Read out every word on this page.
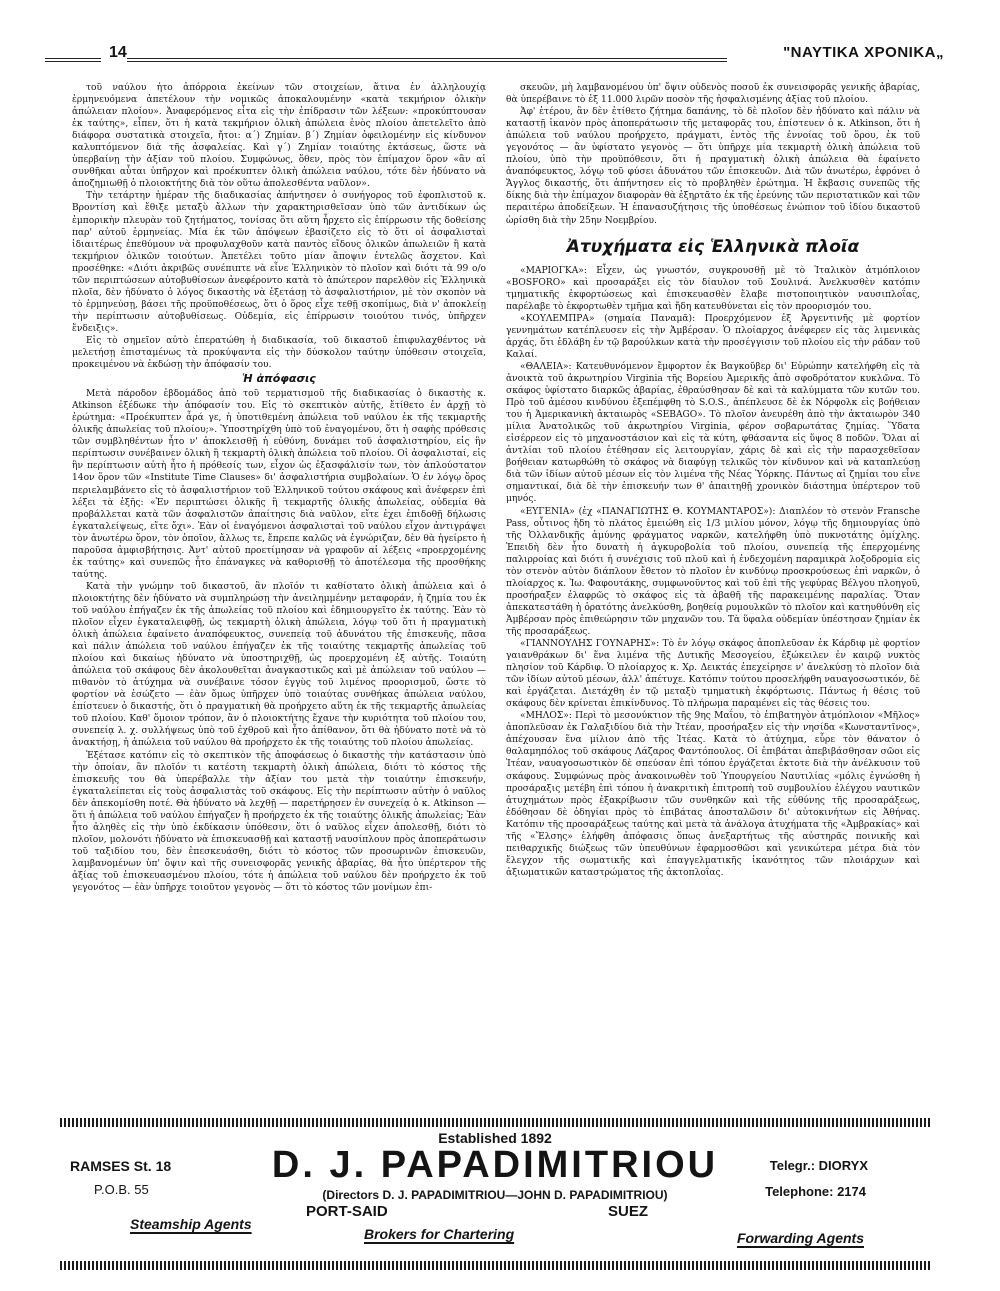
14	"ΝΑΥΤΙΚΑ ΧΡΟΝΙΚΑ„

τοῦ ναύλου ἦτο ἀπόρροια ἐκείνων τῶν στοιχείων, ἅτινα ἐν ἀλληλουχίᾳ ἑρμηνευόμενα ἀπετέλουν τὴν νομικῶς ἀποκαλουμένην «κατὰ τεκμήριον ὁλικὴν ἀπώλειαν πλοίου». Ἀναφερόμενος εἶτα εἰς τὴν ἐπίδρασιν τῶν λέξεων: «προκύπτουσαν ἐκ ταύτης», εἶπεν, ὅτι ἡ κατὰ τεκμήριον ὁλικὴ ἀπώλεια ἑνὸς πλοίου ἀπετελεῖτο ἀπὸ διάφορα συστατικὰ στοιχεῖα, ἤτοι: α΄) Ζημίαν. β΄) Ζημίαν ὀφειλομένην εἰς κίνδυνον καλυπτόμενον διὰ τῆς ἀσφαλείας. Καὶ γ΄) Ζημίαν τοιαύτης ἐκτάσεως, ὥστε νὰ ὑπερβαίνῃ τὴν ἀξίαν τοῦ πλοίου. Συμφώνως, ὅθεν, πρὸς τὸν ἐπίμαχον ὅρον «ἂν αἱ συνθῆκαι αὗται ὑπῆρχον καὶ προέκυπτεν ὁλικὴ ἀπώλεια ναύλου, τότε δὲν ἠδύνατο νὰ ἀποζημιωθῇ ὁ πλοιοκτήτης διὰ τὸν οὕτω ἀπολεσθέντα ναῦλον».

Τὴν τετάρτην ἡμέραν τῆς διαδικασίας ἀπήντησεν ὁ συνήγορος τοῦ ἐφοπλιστοῦ κ. Βροντίση καὶ ἔθιξε μεταξὺ ἄλλων τὴν χαρακτηρισθεῖσαν ὑπὸ τῶν ἀντιδίκων ὡς ἐμπορικὴν πλευρὰν τοῦ ζητήματος, τονίσας ὅτι αὕτη ἦρχετο εἰς ἐπίρρωσιν τῆς δοθείσης παρ' αὐτοῦ ἑρμηνείας. Μία ἐκ τῶν ἀπόψεων ἐβασίζετο εἰς τὸ ὅτι οἱ ἀσφαλισταὶ ἰδιαιτέρως ἐπεθύμουν νὰ προφυλαχθοῦν κατὰ παντὸς εἴδους ὁλικῶν ἀπωλειῶν ἢ κατὰ τεκμήριον ὁλικῶν τοιούτων. Ἀπετέλει τοῦτο μίαν ἄποψιν ἐντελῶς ἄσχετον. Καὶ προσέθηκε: «Διότι ἀκριβῶς συνέπιπτε νὰ εἶνε Ἑλληνικὸν τὸ πλοῖον καὶ διότι τὰ 99 ο/ο τῶν περιπτώσεων αὐτοβυθίσεων ἀνεφέροντο κατὰ τὸ ἀπώτερον παρελθὸν εἰς Ἑλληνικὰ πλοῖα, δὲν ἠδύνατο ὁ λόγος δικαστὴς νὰ ἐξετάσῃ τὸ ἀσφαλιστήριον, μὲ τὸν σκοπὸν νὰ τὸ ἑρμηνεύσῃ, βάσει τῆς προϋποθέσεως, ὅτι ὁ ὅρος εἶχε τεθῇ σκοπίμως, διὰ ν' ἀποκλείῃ τὴν περίπτωσιν αὐτοβυθίσεως. Οὐδεμία, εἰς ἐπίρρωσιν τοιούτου τινός, ὑπῆρχεν ἔνδειξις».

Εἰς τὸ σημεῖον αὐτὸ ἐπερατώθη ἡ διαδικασία, τοῦ δικαστοῦ ἐπιφυλαχθέντος νὰ μελετήσῃ ἐπισταμένως τὰ προκύψαντα εἰς τὴν δύσκολον ταύτην ὑπόθεσιν στοιχεῖα, προκειμένου νὰ ἐκδώσῃ τὴν ἀπόφασίν του.

Ἡ ἀπόφασις

Μετὰ πάροδον ἑβδομάδος ἀπὸ τοῦ τερματισμοῦ τῆς διαδικασίας ὁ δικαστὴς κ. Atkinson ἐξέδωκε τὴν ἀπόφασίν του. Εἰς τὸ σκεπτικὸν αὐτῆς, ἔτίθετο ἐν ἀρχῇ τὸ ἐρώτημα: «Προέκυπτεν ἆρά γε, ἡ ὑποτιθεμένη ἀπώλεια τοῦ ναύλου ἐκ τῆς τεκμαρτῆς ὁλικῆς ἀπωλείας τοῦ πλοίου;». Ὑποστηρίχθη ὑπὸ τοῦ ἐναγομένου, ὅτι ἡ σαφὴς πρόθεσις τῶν συμβληθέντων ἦτο ν' ἀποκλεισθῇ ἡ εὐθύνη, δυνάμει τοῦ ἀσφαλιστηρίου, εἰς ἣν περίπτωσιν συνέβαινεν ὁλικὴ ἢ τεκμαρτὴ ὁλικὴ ἀπώλεια τοῦ πλοίου. Οἱ ἀσφαλισταί, εἰς ἣν περίπτωσιν αὐτὴ ἦτο ἡ πρόθεσίς των, εἶχον ὡς ἐξασφάλισίν των, τὸν ἀπλούστατον 14ον ὅρον τῶν «Institute Time Clauses» δι' ἀσφαλιστήρια συμβολαίων. Ὁ ἐν λόγῳ ὅρος περιελαμβάνετο εἰς τὸ ἀσφαλιστήριον τοῦ Ἑλληνικοῦ τούτου σκάφους καὶ ἀνέφερεν ἐπὶ λέξει τὰ ἑξῆς: «Ἐν περιπτώσει ὁλικῆς ἢ τεκμαρτῆς ὁλικῆς ἀπωλείας, οὐδεμία θὰ προβάλλεται κατὰ τῶν ἀσφαλιστῶν ἀπαίτησις διὰ ναῦλον, εἴτε ἐχει ἐπιδοθῇ δήλωσις ἐγκαταλείψεως, εἴτε ὄχι». Ἐὰν οἱ ἐναγόμενοι ἀσφαλισταὶ τοῦ ναύλου εἶχον ἀντιγράψει τὸν ἀνωτέρω ὅρον, τὸν ὁποῖον, ἄλλως τε, ἔπρεπε καλῶς νὰ ἐγνώριζαν, δὲν θὰ ἠγείρετο ἡ παροῦσα ἀμφισβήτησις. Ἀντ' αὐτοῦ προετίμησαν νὰ γραφοῦν αἱ λέξεις «προερχομένης ἐκ ταύτης» καὶ συνεπῶς ἦτο ἐπάναγκες νὰ καθορισθῇ τὸ ἀποτέλεσμα τῆς προσθήκης ταύτης.

Κατὰ τὴν γνώμην τοῦ δικαστοῦ, ἂν πλοῖόν τι καθίστατο ὁλικὴ ἀπώλεια καὶ ὁ πλοιοκτήτης δὲν ἠδύνατο νὰ συμπληρώσῃ τὴν ἀνειλημμένην μεταφοράν, ἡ ζημία του ἐκ τοῦ ναύλου ἐπήγαζεν ἐκ τῆς ἀπωλείας τοῦ πλοίου καὶ ἐδημιουργεῖτο ἐκ ταύτης. Ἐὰν τὸ πλοῖον εἶχεν ἐγκαταλειφθῇ, ὡς τεκμαρτὴ ὁλικὴ ἀπώλεια, λόγῳ τοῦ ὅτι ἡ πραγματικὴ ὁλικὴ ἀπώλεια ἐφαίνετο ἀναπόφευκτος, συνεπείᾳ τοῦ ἀδυνάτου τῆς ἐπισκευῆς, πᾶσα καὶ πάλιν ἀπώλεια τοῦ ναύλου ἐπήγαζεν ἐκ τῆς τοιαύτης τεκμαρτῆς ἀπωλείας τοῦ πλοίου καὶ δικαίως ἠδύνατο νὰ ὑποστηριχθῇ, ὡς προερχομένη ἐξ αὐτῆς. Τοιαύτη ἀπώλεια τοῦ σκάφους δὲν ἀκολουθεῖται ἀναγκαστικῶς καὶ μὲ ἀπώλειαν τοῦ ναύλου — πιθανὸν τὸ ἀτύχημα νὰ συνέβαινε τόσον ἐγγὺς τοῦ λιμένος προορισμοῦ, ὥστε τὸ φορτίον νὰ ἐσώζετο — ἐὰν ὅμως ὑπῆρχεν ὑπὸ τοιαύτας συνθήκας ἀπώλεια ναύλου, ἐπίστευεν ὁ δικαστής, ὅτι ὁ πραγματικὴ θὰ προήρχετο αὕτη ἐκ τῆς τεκμαρτῆς ἀπωλείας τοῦ πλοίου. Καθ' ὅμοιον τρόπον, ἂν ὁ πλοιοκτήτης ἔχανε τὴν κυριότητα τοῦ πλοίου του, συνεπείᾳ λ. χ. συλλήψεως ὑπὸ τοῦ ἐχθροῦ καὶ ἦτο ἀπίθανον, ὅτι θὰ ἠδύνατο ποτὲ νὰ τὸ ἀνακτήσῃ, ἡ ἀπώλεια τοῦ ναύλου θὰ προήρχετο ἐκ τῆς τοιαύτης τοῦ πλοίου ἀπωλείας.

Ἐξέτασε κατόπιν εἰς τὸ σκεπτικὸν τῆς ἀποφάσεως ὁ δικαστὴς τὴν κατάστασιν ὑπὸ τὴν ὁποίαν, ἂν πλοῖόν τι κατέστη τεκμαρτὴ ὁλικὴ ἀπώλεια, διότι τὸ κόστος τῆς ἐπισκευῆς του θὰ ὑπερέβαλλε τὴν ἀξίαν του μετὰ τὴν τοιαύτην ἐπισκευήν, ἐγκαταλείπεται εἰς τοὺς ἀσφαλιστὰς τοῦ σκάφους. Εἰς τὴν περίπτωσιν αὐτὴν ὁ ναῦλος δὲν ἀπεκομίσθη ποτέ. Θὰ ἠδύνατο νὰ λεχθῇ — παρετήρησεν ἐν συνεχείᾳ ὁ κ. Atkinson — ὅτι ἡ ἀπώλεια τοῦ ναύλου ἐπήγαζεν ἢ προήρχετο ἐκ τῆς τοιαύτης ὁλικῆς ἀπωλείας; Ἐὰν ἦτο ἀληθὲς εἰς τὴν ὑπὸ ἐκδίκασιν ὑπόθεσιν, ὅτι ὁ ναῦλος εἶχεν ἀπολεσθῇ, διότι τὸ πλοῖον, μολονότι ἠδύνατο νὰ ἐπισκευασθῇ καὶ καταστῇ ναυσίπλουν πρὸς ἀποπεράτωσιν τοῦ ταξιδίου του, δὲν ἐπεσκευάσθη, διότι τὸ κόστος τῶν προσωρινῶν ἐπισκευῶν, λαμβανομένων ὑπ' ὄψιν καὶ τῆς συνεισφορᾶς γενικῆς ἀβαρίας, θὰ ἦτο ὑπέρτερον τῆς ἀξίας τοῦ ἐπισκευασμένου πλοίου, τότε ἡ ἀπώλεια τοῦ ναύλου δὲν προήρχετο ἐκ τοῦ γεγονότος — ἐὰν ὑπῆρχε τοιοῦτον γεγονὸς — ὅτι τὸ κόστος τῶν μονίμων ἐπι-

σκευῶν, μὴ λαμβανομένου ὑπ' ὄψιν οὐδενὸς ποσοῦ ἐκ συνεισφορᾶς γενικῆς ἀβαρίας, θὰ ὑπερέβαινε τὸ ἐξ 11.000 λιρῶν ποσὸν τῆς ἠσφαλισμένης ἀξίας τοῦ πλοίου.

Ἀφ' ἑτέρου, ἂν δὲν ἐτίθετο ζήτημα δαπάνης, τὸ δὲ πλοῖον δὲν ἠδύνατο καὶ πάλιν νὰ καταστῇ ἱκανὸν πρὸς ἀποπεράτωσιν τῆς μεταφορᾶς του, ἐπίστευεν ὁ κ. Atkinson, ὅτι ἡ ἀπώλεια τοῦ ναύλου προήρχετο, πράγματι, ἐντὸς τῆς ἐννοίας τοῦ ὅρου, ἐκ τοῦ γεγονότος — ἂν ὑφίστατο γεγονὸς — ὅτι ὑπῆρχε μία τεκμαρτὴ ὁλικὴ ἀπώλεια τοῦ πλοίου, ὑπὸ τὴν προϋπόθεσιν, ὅτι ἡ πραγματικὴ ὁλικὴ ἀπώλεια θὰ ἐφαίνετο ἀναπόφευκτος, λόγῳ τοῦ φύσει ἀδυνάτου τῶν ἐπισκευῶν. Διὰ τῶν ἀνωτέρω, ἐφρόνει ὁ Ἄγγλος δικαστής, ὅτι ἀπήντησεν εἰς τὸ προβληθὲν ἐρώτημα. Ἡ ἔκβασις συνεπῶς τῆς δίκης διὰ τὴν ἐπίμαχον διαφορὰν θὰ ἐξηρτᾶτο ἐκ τῆς ἐρεύνης τῶν περιστατικῶν καὶ τῶν περαιτέρω ἀποδείξεων. Ἡ ἐπανασυζήτησις τῆς ὑποθέσεως ἐνώπιον τοῦ ἰδίου δικαστοῦ ὡρίσθη διὰ τὴν 25ην Νοεμβρίου.

Ἀτυχήματα εἰς Ἑλληνικὰ πλοῖα

«ΜΑΡΙΟΓΚΑ»: Εἶχεν, ὡς γνωστόν, συγκρουσθῇ μὲ τὸ Ἰταλικὸν ἀτμόπλοιον «BOSFORO» καὶ προσαράξει εἰς τὸν δίαυλον τοῦ Σουλινά. Ἀνελκυσθὲν κατόπιν τμηματικῆς ἐκφορτώσεως καὶ ἐπισκευασθὲν ἔλαβε πιστοποιητικὸν ναυσιπλοΐας, παρέλαβε τὸ ἐκφορτωθὲν τμῆμα καὶ ἤδη κατευθύνεται εἰς τὸν προορισμόν του.

«ΚΟΥΛΕΜΠΡΑ» (σημαία Παναμᾶ): Προερχόμενον ἐξ Ἀργεντινῆς μὲ φορτίον γεννημάτων κατέπλευσεν εἰς τὴν Ἀμβέρσαν. Ὁ πλοίαρχος ἀνέφερεν εἰς τὰς λιμενικὰς ἀρχάς, ὅτι ἐδλάβη ἐν τῷ βαρούλκων κατὰ τὴν προσέγγισιν τοῦ πλοίου εἰς τὴν ράδαν τοῦ Καλαί.

«ΘΑΛΕΙΑ»: Κατευθυνόμενον ἔμφορτον ἐκ Βαγκοῦβερ δι' Εὐρώπην κατελήφθη εἰς τὰ ἀνοικτὰ τοῦ ἀκρωτηρίου Virginia τῆς Βορείου Ἀμερικῆς ἀπὸ σφοδρότατον κυκλῶνα. Τὸ σκάφος ὑφίστατο διαρκῶς ἀβαρίας, ἐθραύσθησαν δὲ καὶ τὰ καλύμματα τῶν κυτῶν του. Πρὸ τοῦ ἀμέσου κινδύνου ἐξεπέμφθη τὸ S.O.S., ἀπέπλευσε δὲ ἐκ Νόρφολκ εἰς βοήθειαν του ἡ Ἀμερικανικὴ ἀκταιωρὸς «SEBAGO». Τὸ πλοῖον ἀνευρέθη ἀπὸ τὴν ἀκταιωρὸν 340 μίλια Ἀνατολικῶς τοῦ ἀκρωτηρίου Virginia, φέρον σοβαρωτάτας ζημίας. Ὕδατα εἰσέρρεον εἰς τὸ μηχανοστάσιον καὶ εἰς τὰ κύτη, φθάσαντα εἰς ὕψος 8 ποδῶν. Ὅλαι αἱ ἀντλίαι τοῦ πλοίου ἐτέθησαν εἰς λειτουργίαν, χάρις δὲ καὶ εἰς τὴν παρασχεθεῖσαν βοήθειαν κατωρθώθη τὸ σκάφος νὰ διαφύγῃ τελικῶς τὸν κίνδυνον καὶ νὰ καταπλεύσῃ διὰ τῶν ἰδίων αὐτοῦ μέσων εἰς τὸν λιμένα τῆς Νέας Ὑόρκης. Πάντως αἱ ζημίαι του εἶνε σημαντικαί, διὰ δὲ τὴν ἐπισκευήν των θ' ἀπαιτηθῇ χρονικὸν διάστημα ὑπέρτερον τοῦ μηνός.

«ΕΥΓΕΝΙΑ» (ἐχ «ΠΑΝΑΓΙΩΤΗΣ Θ. ΚΟΥΜΑΝΤΑΡΟΣ»): Διαπλέον τὸ στενὸν Fransche Pass, οὗτινος ἤδη τὸ πλάτος ἐμειώθη εἰς 1/3 μιλίου μόνον, λόγῳ τῆς δημιουργίας ὑπὸ τῆς Ὀλλανδικῆς ἀμύνης φράγματος ναρκῶν, κατελήφθη ὑπὸ πυκνοτάτης ὁμίχλης. Ἐπειδὴ δὲν ἦτο δυνατὴ ἡ ἀγκυροβολία τοῦ πλοίου, συνεπείᾳ τῆς ἐπερχομένης παλιρροίας καὶ διότι ἡ συνέχισις τοῦ πλοῦ καὶ ἡ ἐνδεχομένη παραμικρὰ λοξοδρομία εἰς τὸν στενὸν αὐτὸν διάπλουν ἔθετον τὸ πλοῖον ἐν κινδύνῳ προσκρούσεως ἐπὶ ναρκῶν, ὁ πλοίαρχος κ. Ἰω. Φαφουτάκης, συμφωνοῦντος καὶ τοῦ ἐπὶ τῆς γεφύρας Βέλγου πλοηγοῦ, προσήραξεν ἐλαφρῶς τὸ σκάφος εἰς τὰ ἀβαθῆ τῆς παρακειμένης παραλίας. Ὅταν ἀπεκατεστάθη ἡ ὁρατότης ἀνελκύσθη, βοηθείᾳ ρυμουλκῶν τὸ πλοῖον καὶ κατηυθύνθη εἰς Ἀμβέρσαν πρὸς ἐπιθεώρησιν τῶν μηχανῶν του. Τὰ ὕφαλα οὐδεμίαν ὑπέστησαν ζημίαν ἐκ τῆς προσαράξεως.

«ΓΙΑΝΝΟΥΛΗΣ ΓΟΥΝΑΡΗΣ»: Τὸ ἐν λόγῳ σκάφος ἀποπλεῦσαν ἐκ Κάρδιφ μὲ φορτίον γαιανθράκων δι' ἕνα λιμένα τῆς Δυτικῆς Μεσογείου, ἐξώκειλεν ἐν καιρῷ νυκτὸς πλησίον τοῦ Κάρδιφ. Ὁ πλοίαρχος κ. Χρ. Δεικτάς ἐπεχείρησε ν' ἀνελκύσῃ τὸ πλοῖον διὰ τῶν ἰδίων αὐτοῦ μέσων, ἀλλ' ἀπέτυχε. Κατόπιν τούτου προσελήφθη ναυαγοσωστικόν, δὲ καὶ ἐργάζεται. Διετάχθη ἐν τῷ μεταξὺ τμηματικὴ ἐκφόρτωσις. Πάντως ἡ θέσις τοῦ σκάφους δὲν κρίνεται ἐπικίνδυνος. Τὸ πλήρωμα παραμένει εἰς τὰς θέσεις του.

«ΜΗΛΟΣ»: Περὶ τὸ μεσονύκτιον τῆς 9ης Μαΐου, τὸ ἐπιβατηγὸν ἀτμόπλοιον «Μῆλος» ἀποπλεῦσαν ἐκ Γαλαξιδίου διὰ τὴν Ἰτέαν, προσήραξεν εἰς τὴν νησίδα «Κωνσταντῖνος», ἀπέχουσαν ἕνα μίλιον ἀπὸ τῆς Ἰτέας. Κατὰ τὸ ἀτύχημα, εὗρε τὸν θάνατον ὁ θαλαμηπόλος τοῦ σκάφους Λάζαρος Φαντόπουλος. Οἱ ἐπιβάται ἀπεβιβάσθησαν σῶοι εἰς Ἰτέαν, ναυαγοσωστικὸν δὲ σπεύσαν ἐπὶ τόπου ἐργάζεται ἐκτοτε διὰ τὴν ἀνέλκυσιν τοῦ σκάφους. Συμφώνως πρὸς ἀνακοινωθὲν τοῦ Ὑπουργείου Ναυτιλίας «μόλις ἐγνώσθη ἡ προσάραξις μετέβη ἐπὶ τόπου ἡ ἀνακριτικὴ ἐπιτροπὴ τοῦ συμβουλίου ἐλέγχου ναυτικῶν ἀτυχημάτων πρὸς ἐξακρίβωσιν τῶν συνθηκῶν καὶ τῆς εὐθύνης τῆς προσαράξεως, ἐδόθησαν δὲ ὁδηγίαι πρὸς τὸ ἐπιβάτας ἀποσταλῶσιν δι' αὐτοκινήτων εἰς Ἀθήνας. Κατόπιν τῆς προσαράξεως ταύτης καὶ μετὰ τὰ ἀνάλογα ἀτυχήματα τῆς «Ἀμβρακίας» καὶ τῆς «Ἔλσης» ἐλήφθη ἀπόφασις ὅπως ἀνεξαρτήτως τῆς αὐστηρᾶς ποινικῆς καὶ πειθαρχικῆς διώξεως τῶν ὑπευθύνων ἐφαρμοσθῶσι καὶ γενικώτερα μέτρα διὰ τὸν ἔλεγχον τῆς σωματικῆς καὶ ἐπαγγελματικῆς ἱκανότητος τῶν πλοιάρχων καὶ ἀξιωματικῶν καταστρώματος τῆς ἀκτοπλοΐας.

Established 1892
D. J. PAPADIMITRIOU
(Directors D. J. PAPADIMITRIOU—JOHN D. PAPADIMITRIOU)
RAMSES St. 18
P.O.B. 55
Telegr.: DIORYX
Telephone: 2174
PORT-SAID	SUEZ
Steamship Agents
Brokers for Chartering	Forwarding Agents
